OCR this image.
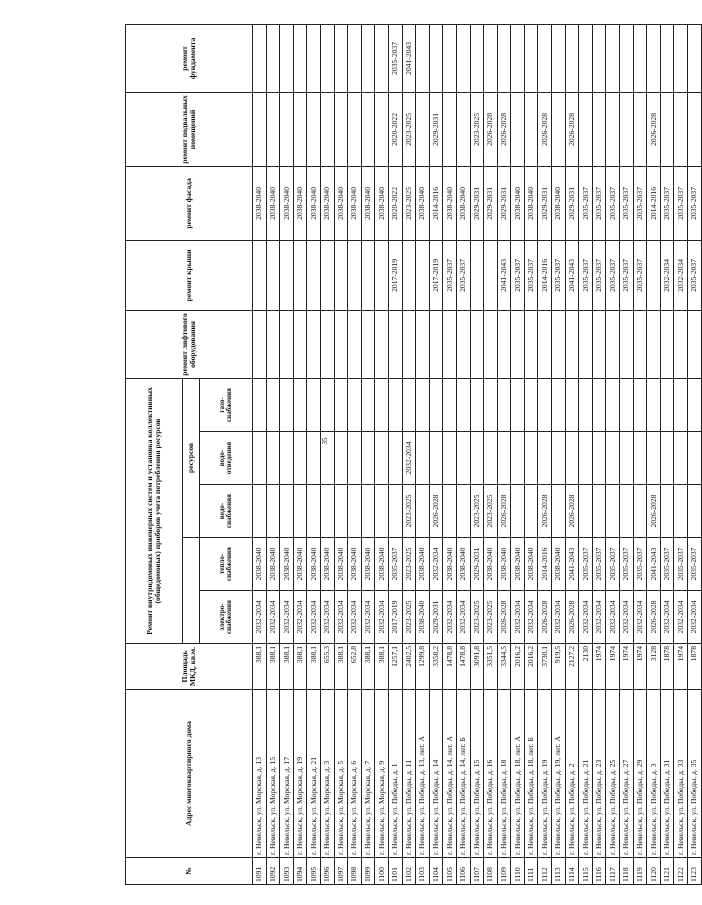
35
№	Адрес многоквартирного дома	Площадь МКД, кв.м.	Ремонт внутридомовых инженерных систем и установка коллективных (общедомовых) приборов учета потребления ресурсов					ремонт лифтового оборудования	ремонт крыши	ремонт фасада	ремонт подвальных помещений	ремонт фундамента
					ресурсов							
			электро-снабжения	тепло-снабжения	водо-снабжения	водо-отведения	газо-снабжения					
1091	г. Невельск, ул. Морская, д. 13	388,1	2032-2034	2038-2040						2038-2040		
1092	г. Невельск, ул. Морская, д. 15	388,1	2032-2034	2038-2040						2038-2040		
1093	г. Невельск, ул. Морская, д. 17	388,1	2032-2034	2038-2040						2038-2040		
1094	г. Невельск, ул. Морская, д. 19	388,1	2032-2034	2038-2040						2038-2040		
1095	г. Невельск, ул. Морская, д. 21	388,1	2032-2034	2038-2040						2038-2040		
1096	г. Невельск, ул. Морская, д. 3	655,3	2032-2034	2038-2040						2038-2040		
1097	г. Невельск, ул. Морская, д. 5	388,1	2032-2034	2038-2040						2038-2040		
1098	г. Невельск, ул. Морская, д. 6	652,8	2032-2034	2038-2040						2038-2040		
1099	г. Невельск, ул. Морская, д. 7	388,1	2032-2034	2038-2040						2038-2040		
1100	г. Невельск, ул. Морская, д. 9	388,1	2032-2034	2038-2040						2038-2040		
1101	г. Невельск, ул. Победы, д. 1	1257,1	2017-2019	2035-2037					2017-2019	2020-2022	2020-2022	2035-2037
1102	г. Невельск, ул. Победы, д. 11	2402,5	2023-2025	2023-2025	2023-2025	2032-2034				2023-2025	2023-2025	2041-2043
1103	г. Невельск, ул. Победы, д. 13, лит. А	1299,8	2038-2040	2038-2040						2038-2040		
1104	г. Невельск, ул. Победы, д. 14	3358,2	2029-2031	2032-2034	2026-2028				2017-2019	2014-2016	2029-2031	
1105	г. Невельск, ул. Победы, д. 14, лит. А	1478,8	2032-2034	2038-2040					2035-2037	2038-2040		
1106	г. Невельск, ул. Победы, д. 14, лит. Б	1478,8	2032-2034	2038-2040					2035-2037	2038-2040		
1107	г. Невельск, ул. Победы, д. 15	3091,8	2023-2025	2029-2031	2023-2025					2029-2031	2023-2025	
1108	г. Невельск, ул. Победы, д. 16	3351,5	2023-2025	2038-2040	2023-2025					2029-2031	2026-2028	
1109	г. Невельск, ул. Победы, д. 18	3344,5	2026-2028	2038-2040	2026-2028				2041-2043	2029-2031	2026-2028	
1110	г. Невельск, ул. Победы, д. 18, лит. А	2016,2	2032-2034	2038-2040					2035-2037	2038-2040		
1111	г. Невельск, ул. Победы, д. 18, лит. Б	2016,2	2032-2034	2038-2040					2035-2037	2038-2040		
1112	г. Невельск, ул. Победы, д. 19	3730,1	2026-2028	2014-2016	2026-2028				2014-2016	2029-2031	2026-2028	
1113	г. Невельск, ул. Победы, д. 19, лит. А	919,5	2032-2034	2038-2040					2035-2037	2038-2040		
1114	г. Невельск, ул. Победы, д. 2	2127,2	2026-2028	2041-2043	2026-2028				2041-2043	2029-2031	2026-2028	
1115	г. Невельск, ул. Победы, д. 21	2130	2032-2034	2035-2037					2035-2037	2035-2037		
1116	г. Невельск, ул. Победы, д. 23	1974	2032-2034	2035-2037					2035-2037	2035-2037		
1117	г. Невельск, ул. Победы, д. 25	1974	2032-2034	2035-2037					2035-2037	2035-2037		
1118	г. Невельск, ул. Победы, д. 27	1974	2032-2034	2035-2037					2035-2037	2035-2037		
1119	г. Невельск, ул. Победы, д. 29	1974	2032-2034	2035-2037					2035-2037	2035-2037		
1120	г. Невельск, ул. Победы, д. 3	3128	2026-2028	2041-2043	2026-2028					2014-2016	2026-2028	
1121	г. Невельск, ул. Победы, д. 31	1878	2032-2034	2035-2037					2032-2034	2035-2037		
1122	г. Невельск, ул. Победы, д. 33	1974	2032-2034	2035-2037					2032-2034	2035-2037		
1123	г. Невельск, ул. Победы, д. 35	1878	2032-2034	2035-2037					2035-2037	2035-2037		
